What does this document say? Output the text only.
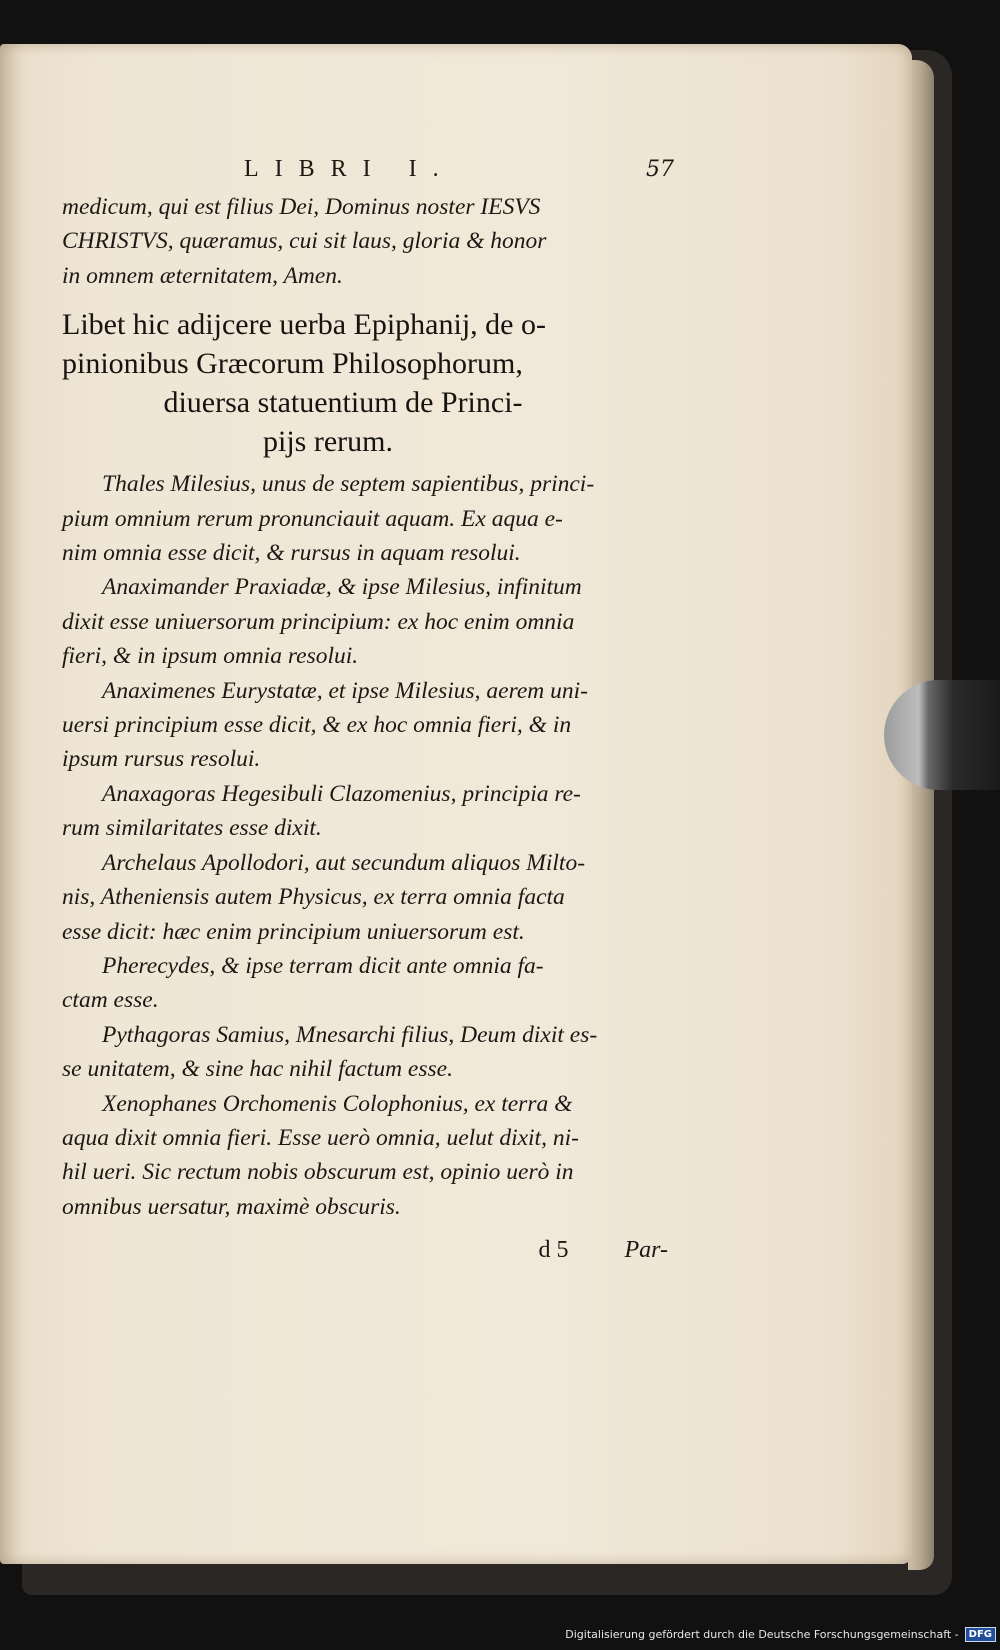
LIBRI I.	57
medicum, qui est filius Dei, Dominus noster IESVS
CHRISTVS, quæramus, cui sit laus, gloria & honor
in omnem æternitatem, Amen.
Libet hic adijcere uerba Epiphanij, de o-
pinionibus Græcorum Philosophorum,
diuersa statuentium de Princi-
pijs rerum.
Thales Milesius, unus de septem sapientibus, princi-
pium omnium rerum pronunciauit aquam. Ex aqua e-
nim omnia esse dicit, & rursus in aquam resolui.
Anaximander Praxiadæ, & ipse Milesius, infinitum
dixit esse uniuersorum principium: ex hoc enim omnia
fieri, & in ipsum omnia resolui.
Anaximenes Eurystatæ, et ipse Milesius, aerem uni-
uersi principium esse dicit, & ex hoc omnia fieri, & in
ipsum rursus resolui.
Anaxagoras Hegesibuli Clazomenius, principia re-
rum similaritates esse dixit.
Archelaus Apollodori, aut secundum aliquos Milto-
nis, Atheniensis autem Physicus, ex terra omnia facta
esse dicit: hæc enim principium uniuersorum est.
Pherecydes, & ipse terram dicit ante omnia fa-
ctam esse.
Pythagoras Samius, Mnesarchi filius, Deum dixit es-
se unitatem, & sine hac nihil factum esse.
Xenophanes Orchomenis Colophonius, ex terra &
aqua dixit omnia fieri. Esse uerò omnia, uelut dixit, ni-
hil ueri. Sic rectum nobis obscurum est, opinio uerò in
omnibus uersatur, maximè obscuris.
d 5 Par-
Digitalisierung gefördert durch die Deutsche Forschungsgemeinschaft -	DFG
